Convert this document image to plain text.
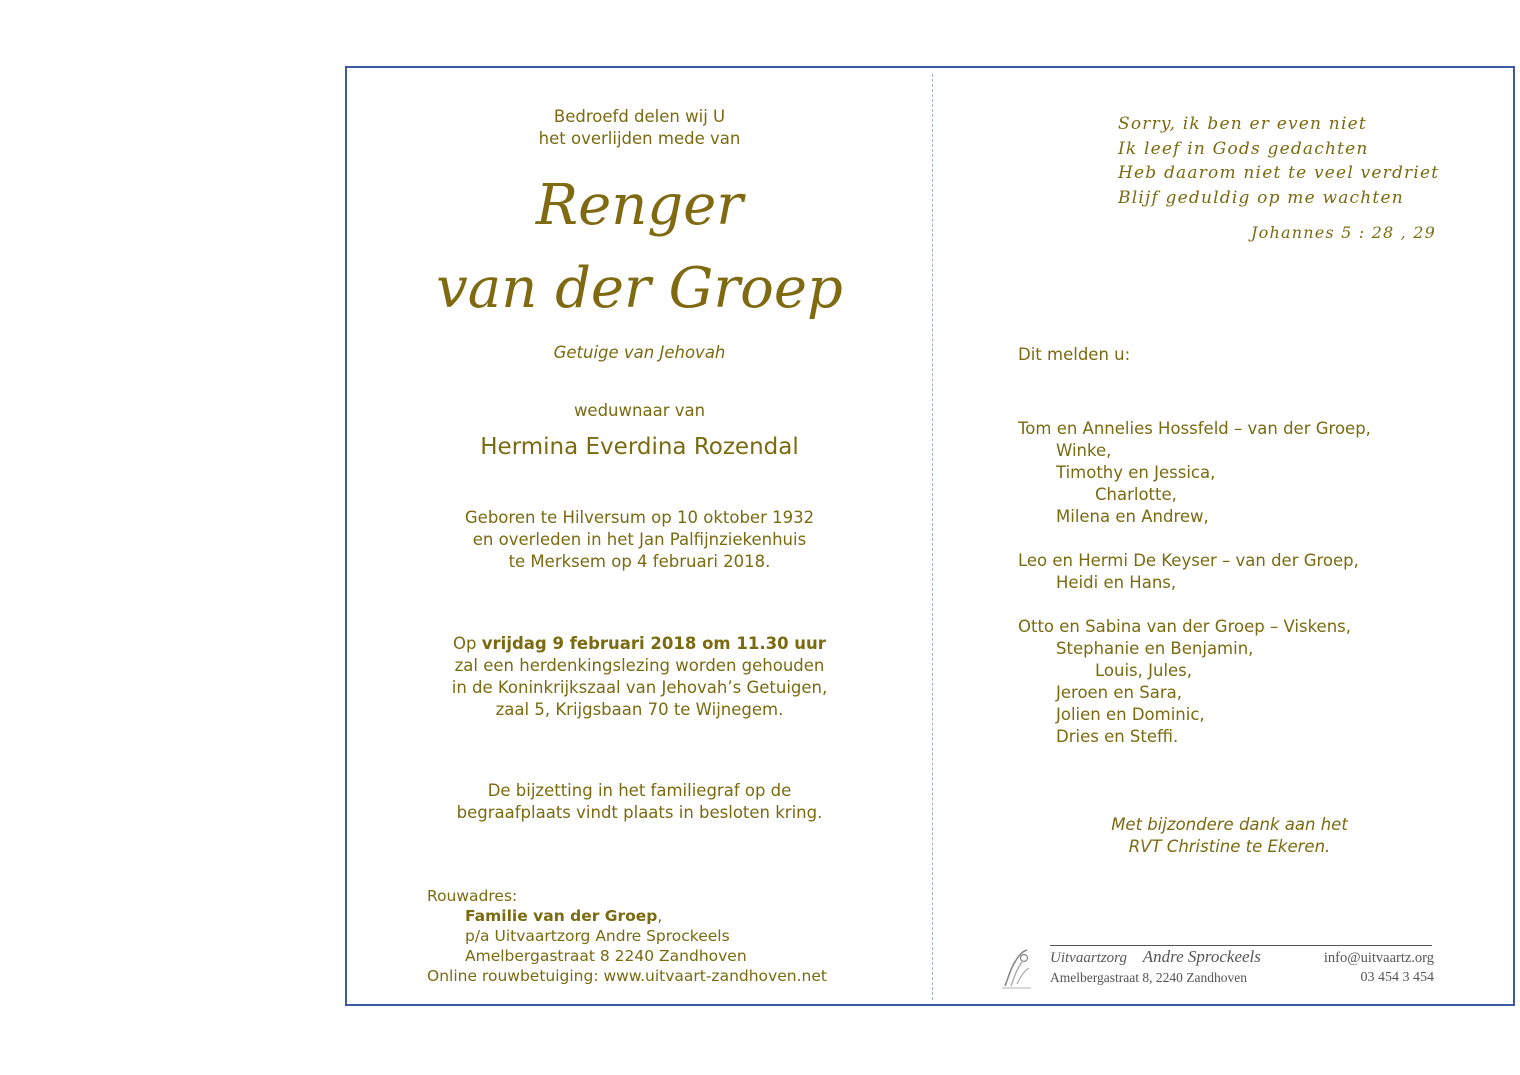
Bedroefd delen wij U
het overlijden mede van
Renger
van der Groep
Getuige van Jehovah
weduwnaar van
Hermina Everdina Rozendal
Geboren te Hilversum op 10 oktober 1932
en overleden in het Jan Palfijnziekenhuis
te Merksem op 4 februari 2018.
Op vrijdag 9 februari 2018 om 11.30 uur
zal een herdenkingslezing worden gehouden
in de Koninkrijkszaal van Jehovah’s Getuigen,
zaal 5, Krijgsbaan 70 te Wijnegem.
De bijzetting in het familiegraf op de
begraafplaats vindt plaats in besloten kring.
Rouwadres:
Familie van der Groep,
p/a Uitvaartzorg Andre Sprockeels
Amelbergastraat 8 2240 Zandhoven
Online rouwbetuiging: www.uitvaart-zandhoven.net
Sorry, ik ben er even niet
Ik leef in Gods gedachten
Heb daarom niet te veel verdriet
Blijf geduldig op me wachten
Johannes 5 : 28 , 29
Dit melden u:
Tom en Annelies Hossfeld – van der Groep,
Winke,
Timothy en Jessica,
Charlotte,
Milena en Andrew,
Leo en Hermi De Keyser – van der Groep,
Heidi en Hans,
Otto en Sabina van der Groep – Viskens,
Stephanie en Benjamin,
Louis, Jules,
Jeroen en Sara,
Jolien en Dominic,
Dries en Steffi.
Met bijzondere dank aan het
RVT Christine te Ekeren.
Uitvaartzorg Andre Sprockeels	info@uitvaartz.org
Amelbergastraat 8, 2240 Zandhoven	03 454 3 454
